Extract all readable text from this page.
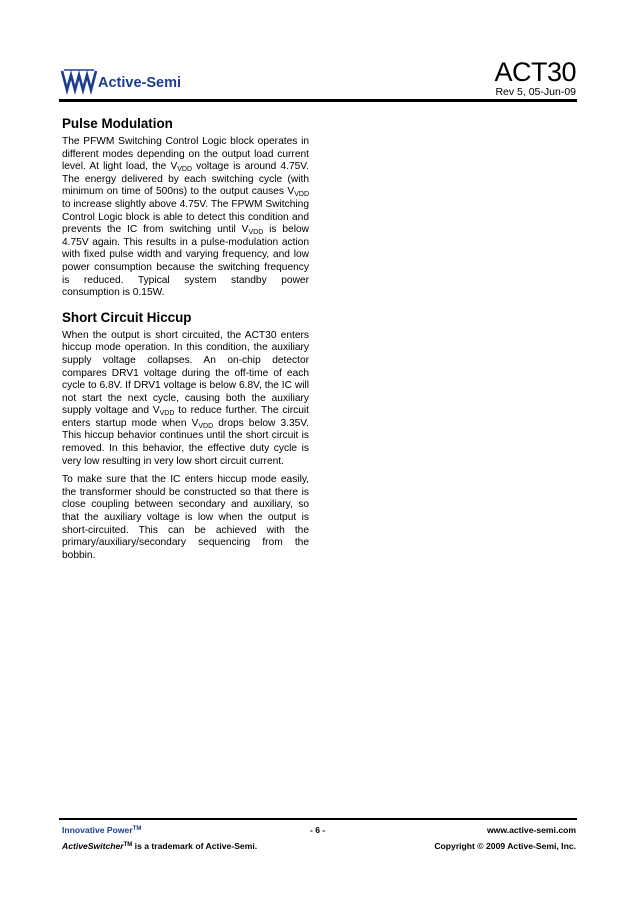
Active-Semi	ACT30
Rev 5, 05-Jun-09
Pulse Modulation

The PFWM Switching Control Logic block operates in different modes depending on the output load current level. At light load, the $V_{VDD}$ voltage is around 4.75V. The energy delivered by each switching cycle (with minimum on time of 500ns) to the output causes $V_{VDD}$ to increase slightly above 4.75V. The FPWM Switching Control Logic block is able to detect this condition and prevents the IC from switching until $V_{VDD}$ is below 4.75V again. This results in a pulse-modulation action with fixed pulse width and varying frequency, and low power consumption because the switching frequency is reduced. Typical system standby power consumption is 0.15W.

Short Circuit Hiccup

When the output is short circuited, the ACT30 enters hiccup mode operation. In this condition, the auxiliary supply voltage collapses. An on-chip detector compares DRV1 voltage during the off-time of each cycle to 6.8V. If DRV1 voltage is below 6.8V, the IC will not start the next cycle, causing both the auxiliary supply voltage and $V_{VDD}$ to reduce further. The circuit enters startup mode when $V_{VDD}$ drops below 3.35V. This hiccup behavior continues until the short circuit is removed. In this behavior, the effective duty cycle is very low resulting in very low short circuit current.

To make sure that the IC enters hiccup mode easily, the transformer should be constructed so that there is close coupling between secondary and auxiliary, so that the auxiliary voltage is low when the output is short-circuited. This can be achieved with the primary/auxiliary/secondary sequencing from the bobbin.

Innovative Power™
ActiveSwitcher™ is a trademark of Active-Semi.
- 6 -	www.active-semi.com
Copyright © 2009 Active-Semi, Inc.
